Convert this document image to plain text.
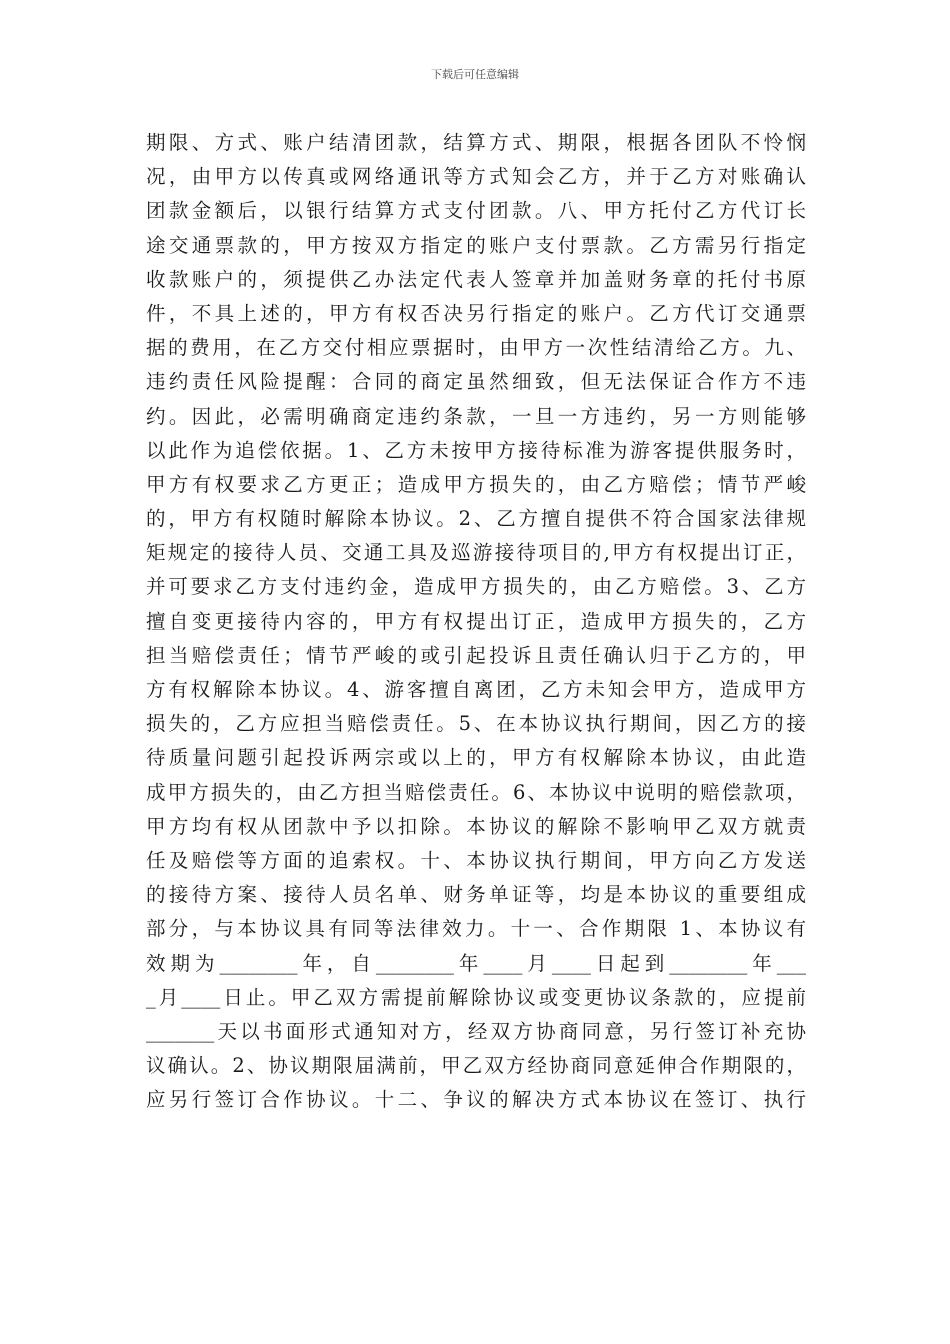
下载后可任意编辑
期限、方式、账户结清团款，结算方式、期限，根据各团队不怜悯
况，由甲方以传真或网络通讯等方式知会乙方，并于乙方对账确认
团款金额后，以银行结算方式支付团款。八、甲方托付乙方代订长
途交通票款的，甲方按双方指定的账户支付票款。乙方需另行指定
收款账户的，须提供乙办法定代表人签章并加盖财务章的托付书原
件，不具上述的，甲方有权否决另行指定的账户。乙方代订交通票
据的费用，在乙方交付相应票据时，由甲方一次性结清给乙方。九、
违约责任风险提醒：合同的商定虽然细致，但无法保证合作方不违
约。因此，必需明确商定违约条款，一旦一方违约，另一方则能够
以此作为追偿依据。1、乙方未按甲方接待标准为游客提供服务时，
甲方有权要求乙方更正；造成甲方损失的，由乙方赔偿；情节严峻
的，甲方有权随时解除本协议。2、乙方擅自提供不符合国家法律规
矩规定的接待人员、交通工具及巡游接待项目的,甲方有权提出订正，
并可要求乙方支付违约金，造成甲方损失的，由乙方赔偿。3、乙方
擅自变更接待内容的，甲方有权提出订正，造成甲方损失的，乙方
担当赔偿责任；情节严峻的或引起投诉且责任确认归于乙方的，甲
方有权解除本协议。4、游客擅自离团，乙方未知会甲方，造成甲方
损失的，乙方应担当赔偿责任。5、在本协议执行期间，因乙方的接
待质量问题引起投诉两宗或以上的，甲方有权解除本协议，由此造
成甲方损失的，由乙方担当赔偿责任。6、本协议中说明的赔偿款项，
甲方均有权从团款中予以扣除。本协议的解除不影响甲乙双方就责
任及赔偿等方面的追索权。十、本协议执行期间，甲方向乙方发送
的接待方案、接待人员名单、财务单证等，均是本协议的重要组成
部分，与本协议具有同等法律效力。十一、合作期限 1、本协议有
效期为________年，自________年____月____日起到________年___
_月____日止。甲乙双方需提前解除协议或变更协议条款的，应提前
_______天以书面形式通知对方，经双方协商同意，另行签订补充协
议确认。2、协议期限届满前，甲乙双方经协商同意延伸合作期限的，
应另行签订合作协议。十二、争议的解决方式本协议在签订、执行
